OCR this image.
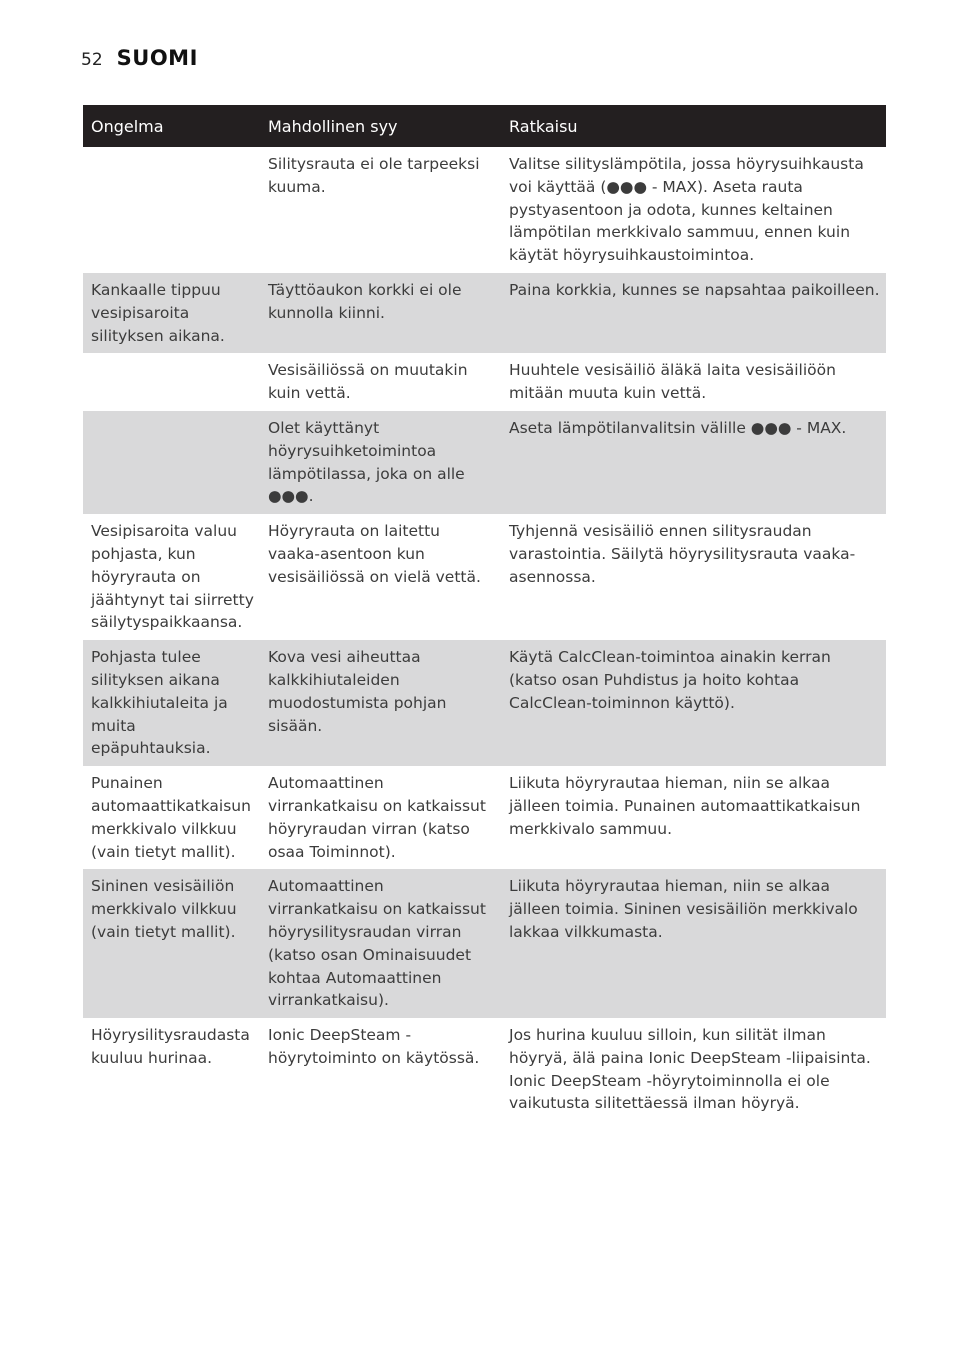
52 SUOMI
Ongelma	Mahdollinen syy	Ratkaisu
	Silitysrauta ei ole tarpeeksi kuuma.	Valitse silityslämpötila, jossa höyrysuihkausta voi käyttää (●●● - MAX). Aseta rauta pystyasentoon ja odota, kunnes keltainen lämpötilan merkkivalo sammuu, ennen kuin käytät höyrysuihkaustoimintoa.
Kankaalle tippuu vesipisaroita silityksen aikana.	Täyttöaukon korkki ei ole kunnolla kiinni.	Paina korkkia, kunnes se napsahtaa paikoilleen.
	Vesisäiliössä on muutakin kuin vettä.	Huuhtele vesisäiliö äläkä laita vesisäiliöön mitään muuta kuin vettä.
	Olet käyttänyt höyrysuihketoimintoa lämpötilassa, joka on alle ●●●.	Aseta lämpötilanvalitsin välille ●●● - MAX.
Vesipisaroita valuu pohjasta, kun höyryrauta on jäähtynyt tai siirretty säilytyspaikkaansa.	Höyryrauta on laitettu vaaka-asentoon kun vesisäiliössä on vielä vettä.	Tyhjennä vesisäiliö ennen silitysraudan varastointia. Säilytä höyrysilitysrauta vaaka-asennossa.
Pohjasta tulee silityksen aikana kalkkihiutaleita ja muita epäpuhtauksia.	Kova vesi aiheuttaa kalkkihiutaleiden muodostumista pohjan sisään.	Käytä CalcClean-toimintoa ainakin kerran (katso osan Puhdistus ja hoito kohtaa CalcClean-toiminnon käyttö).
Punainen automaattikatkaisun merkkivalo vilkkuu (vain tietyt mallit).	Automaattinen virrankatkaisu on katkaissut höyryraudan virran (katso osaa Toiminnot).	Liikuta höyryrautaa hieman, niin se alkaa jälleen toimia. Punainen automaattikatkaisun merkkivalo sammuu.
Sininen vesisäiliön merkkivalo vilkkuu (vain tietyt mallit).	Automaattinen virrankatkaisu on katkaissut höyrysilitysraudan virran (katso osan Ominaisuudet kohtaa Automaattinen virrankatkaisu).	Liikuta höyryrautaa hieman, niin se alkaa jälleen toimia. Sininen vesisäiliön merkkivalo lakkaa vilkkumasta.
Höyrysilitysraudasta kuuluu hurinaa.	Ionic DeepSteam -höyrytoiminto on käytössä.	Jos hurina kuuluu silloin, kun silität ilman höyryä, älä paina Ionic DeepSteam -liipaisinta. Ionic DeepSteam -höyrytoiminnolla ei ole vaikutusta silitettäessä ilman höyryä.
